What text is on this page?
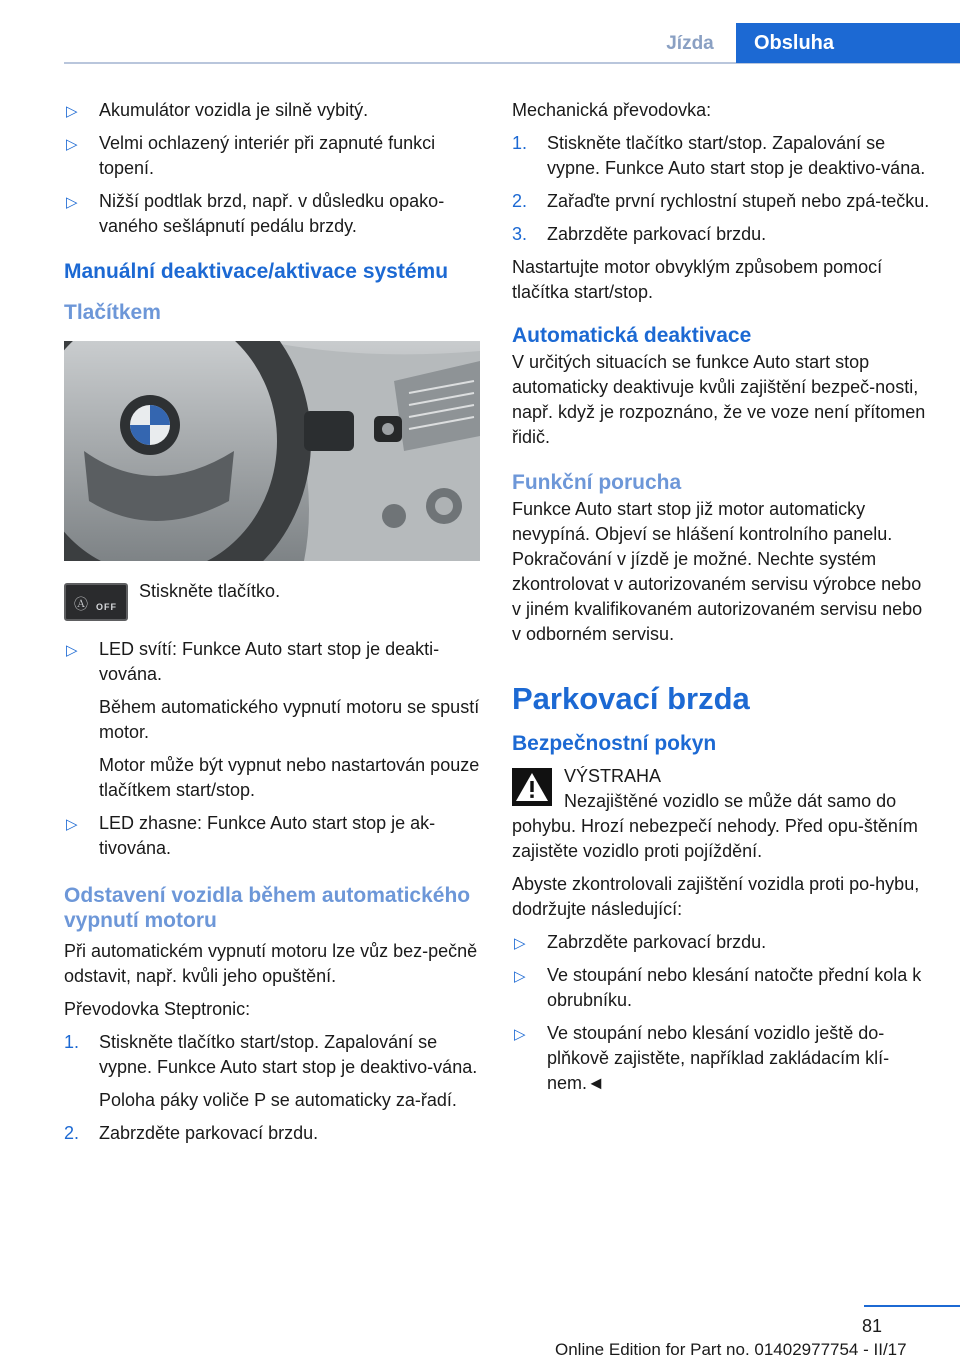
Jízda	Obsluha
▷ Akumulátor vozidla je silně vybitý.
▷ Velmi ochlazený interiér při zapnuté funkci topení.
▷ Nižší podtlak brzd, např. v důsledku opako‐vaného sešlápnutí pedálu brzdy.
Manuální deaktivace/aktivace systému
Tlačítkem
Ⓐ OFF
Stiskněte tlačítko.
▷ LED svítí: Funkce Auto start stop je deakti‐vována.
Během automatického vypnutí motoru se spustí motor.
Motor může být vypnut nebo nastartován pouze tlačítkem start/stop.
▷ LED zhasne: Funkce Auto start stop je ak‐tivována.
Odstavení vozidla během automatického vypnutí motoru
Při automatickém vypnutí motoru lze vůz bez‐pečně odstavit, např. kvůli jeho opuštění.
Převodovka Steptronic:
1. Stiskněte tlačítko start/stop. Zapalování se vypne. Funkce Auto start stop je deaktivo‐vána.
Poloha páky voliče P se automaticky za‐řadí.
2. Zabrzděte parkovací brzdu.
Mechanická převodovka:
1. Stiskněte tlačítko start/stop. Zapalování se vypne. Funkce Auto start stop je deaktivo‐vána.
2. Zařaďte první rychlostní stupeň nebo zpá‐tečku.
3. Zabrzděte parkovací brzdu.
Nastartujte motor obvyklým způsobem pomocí tlačítka start/stop.
Automatická deaktivace
V určitých situacích se funkce Auto start stop automaticky deaktivuje kvůli zajištění bezpeč‐nosti, např. když je rozpoznáno, že ve voze není přítomen řidič.
Funkční porucha
Funkce Auto start stop již motor automaticky nevypíná. Objeví se hlášení kontrolního panelu. Pokračování v jízdě je možné. Nechte systém zkontrolovat v autorizovaném servisu výrobce nebo v jiném kvalifikovaném autorizovaném servisu nebo v odborném servisu.
Parkovací brzda
Bezpečnostní pokyn
VÝSTRAHA
Nezajištěné vozidlo se může dát samo do pohybu. Hrozí nebezpečí nehody. Před opu‐štěním zajistěte vozidlo proti pojíždění.
Abyste zkontrolovali zajištění vozidla proti po‐hybu, dodržujte následující:
▷ Zabrzděte parkovací brzdu.
▷ Ve stoupání nebo klesání natočte přední kola k obrubníku.
▷ Ve stoupání nebo klesání vozidlo ještě do‐plňkově zajistěte, například zakládacím klí‐nem.◄
81
Online Edition for Part no. 01402977754 - II/17
